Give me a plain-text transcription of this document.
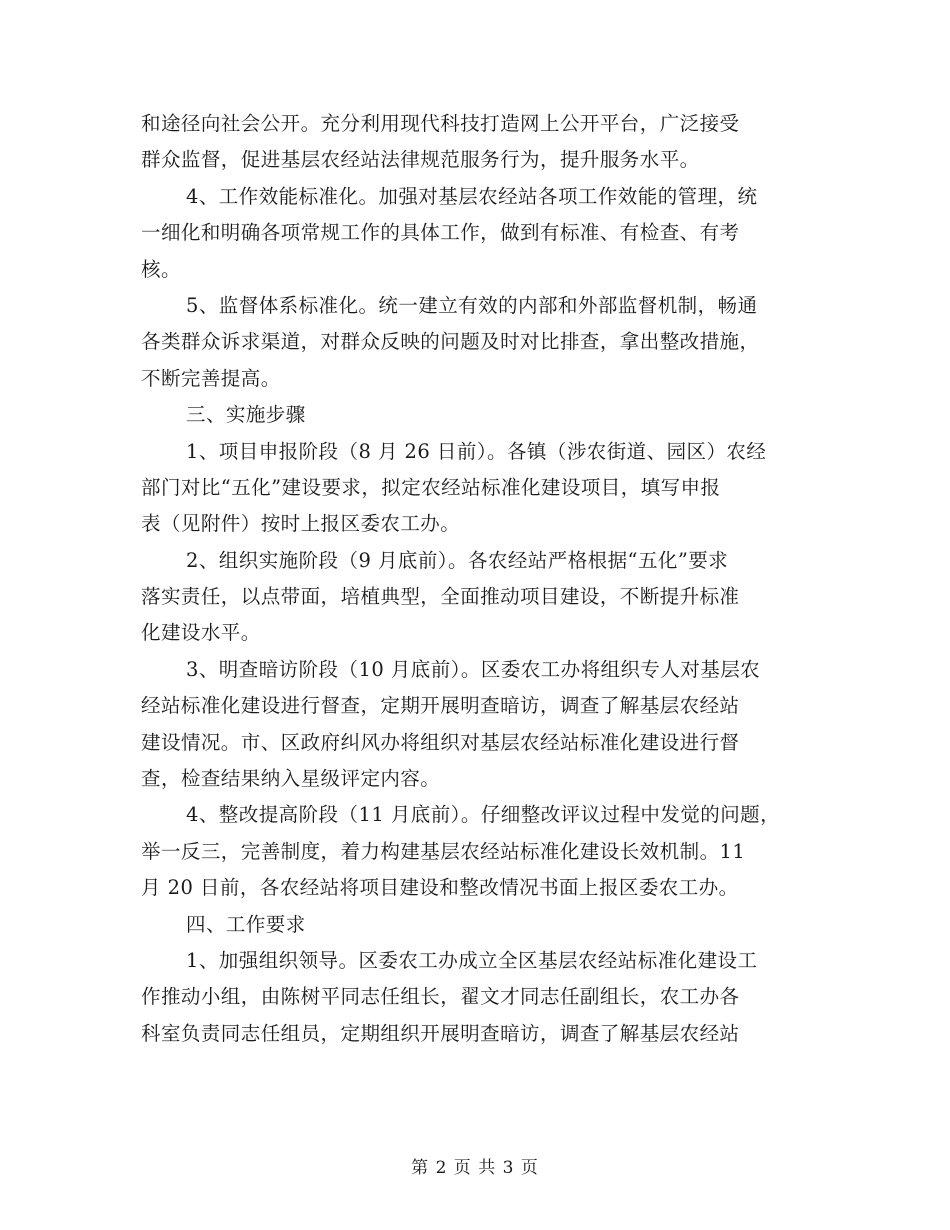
和途径向社会公开。充分利用现代科技打造网上公开平台，广泛接受
群众监督，促进基层农经站法律规范服务行为，提升服务水平。
4、工作效能标准化。加强对基层农经站各项工作效能的管理，统
一细化和明确各项常规工作的具体工作，做到有标准、有检查、有考
核。
5、监督体系标准化。统一建立有效的内部和外部监督机制，畅通
各类群众诉求渠道，对群众反映的问题及时对比排查，拿出整改措施，
不断完善提高。
三、实施步骤
1、项目申报阶段（8 月 26 日前）。各镇（涉农街道、园区）农经
部门对比“五化”建设要求，拟定农经站标准化建设项目，填写申报
表（见附件）按时上报区委农工办。
2、组织实施阶段（9 月底前）。各农经站严格根据“五化”要求
落实责任，以点带面，培植典型，全面推动项目建设，不断提升标准
化建设水平。
3、明查暗访阶段（10 月底前）。区委农工办将组织专人对基层农
经站标准化建设进行督查，定期开展明查暗访，调查了解基层农经站
建设情况。市、区政府纠风办将组织对基层农经站标准化建设进行督
查，检查结果纳入星级评定内容。
4、整改提高阶段（11 月底前）。仔细整改评议过程中发觉的问题，
举一反三，完善制度，着力构建基层农经站标准化建设长效机制。11
月 20 日前，各农经站将项目建设和整改情况书面上报区委农工办。
四、工作要求
1、加强组织领导。区委农工办成立全区基层农经站标准化建设工
作推动小组，由陈树平同志任组长，翟文才同志任副组长，农工办各
科室负责同志任组员，定期组织开展明查暗访，调查了解基层农经站
第 2 页 共 3 页
